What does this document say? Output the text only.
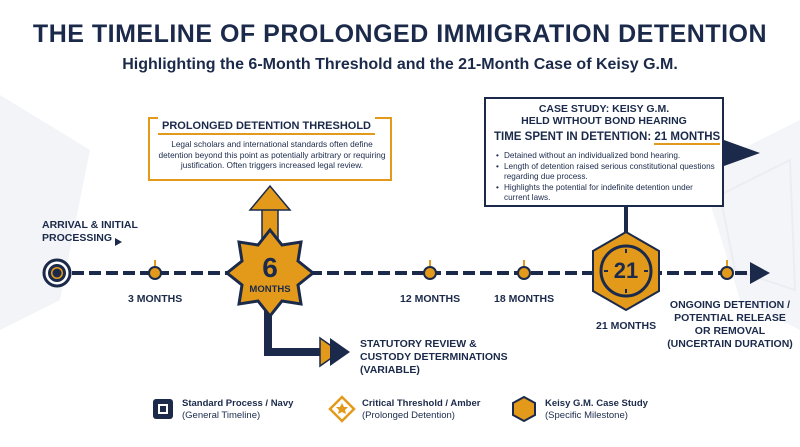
THE TIMELINE OF PROLONGED IMMIGRATION DETENTION
Highlighting the 6-Month Threshold and the 21-Month Case of Keisy G.M.
6
MONTHS
21
PROLONGED DETENTION THRESHOLD
Legal scholars and international standards often define detention beyond this point as potentially arbitrary or requiring justification. Often triggers increased legal review.
CASE STUDY: KEISY G.M.
HELD WITHOUT BOND HEARING
TIME SPENT IN DETENTION: 21 MONTHS
• Detained without an individualized bond hearing.
• Length of detention raised serious constitutional questions regarding due process.
• Highlights the potential for indefinite detention under current laws.
ARRIVAL & INITIAL
PROCESSING
3 MONTHS	12 MONTHS	18 MONTHS
21 MONTHS
STATUTORY REVIEW &
CUSTODY DETERMINATIONS
(VARIABLE)
ONGOING DETENTION /
POTENTIAL RELEASE
OR REMOVAL
(UNCERTAIN DURATION)
Standard Process / Navy
(General Timeline)
Critical Threshold / Amber
(Prolonged Detention)
Keisy G.M. Case Study
(Specific Milestone)
